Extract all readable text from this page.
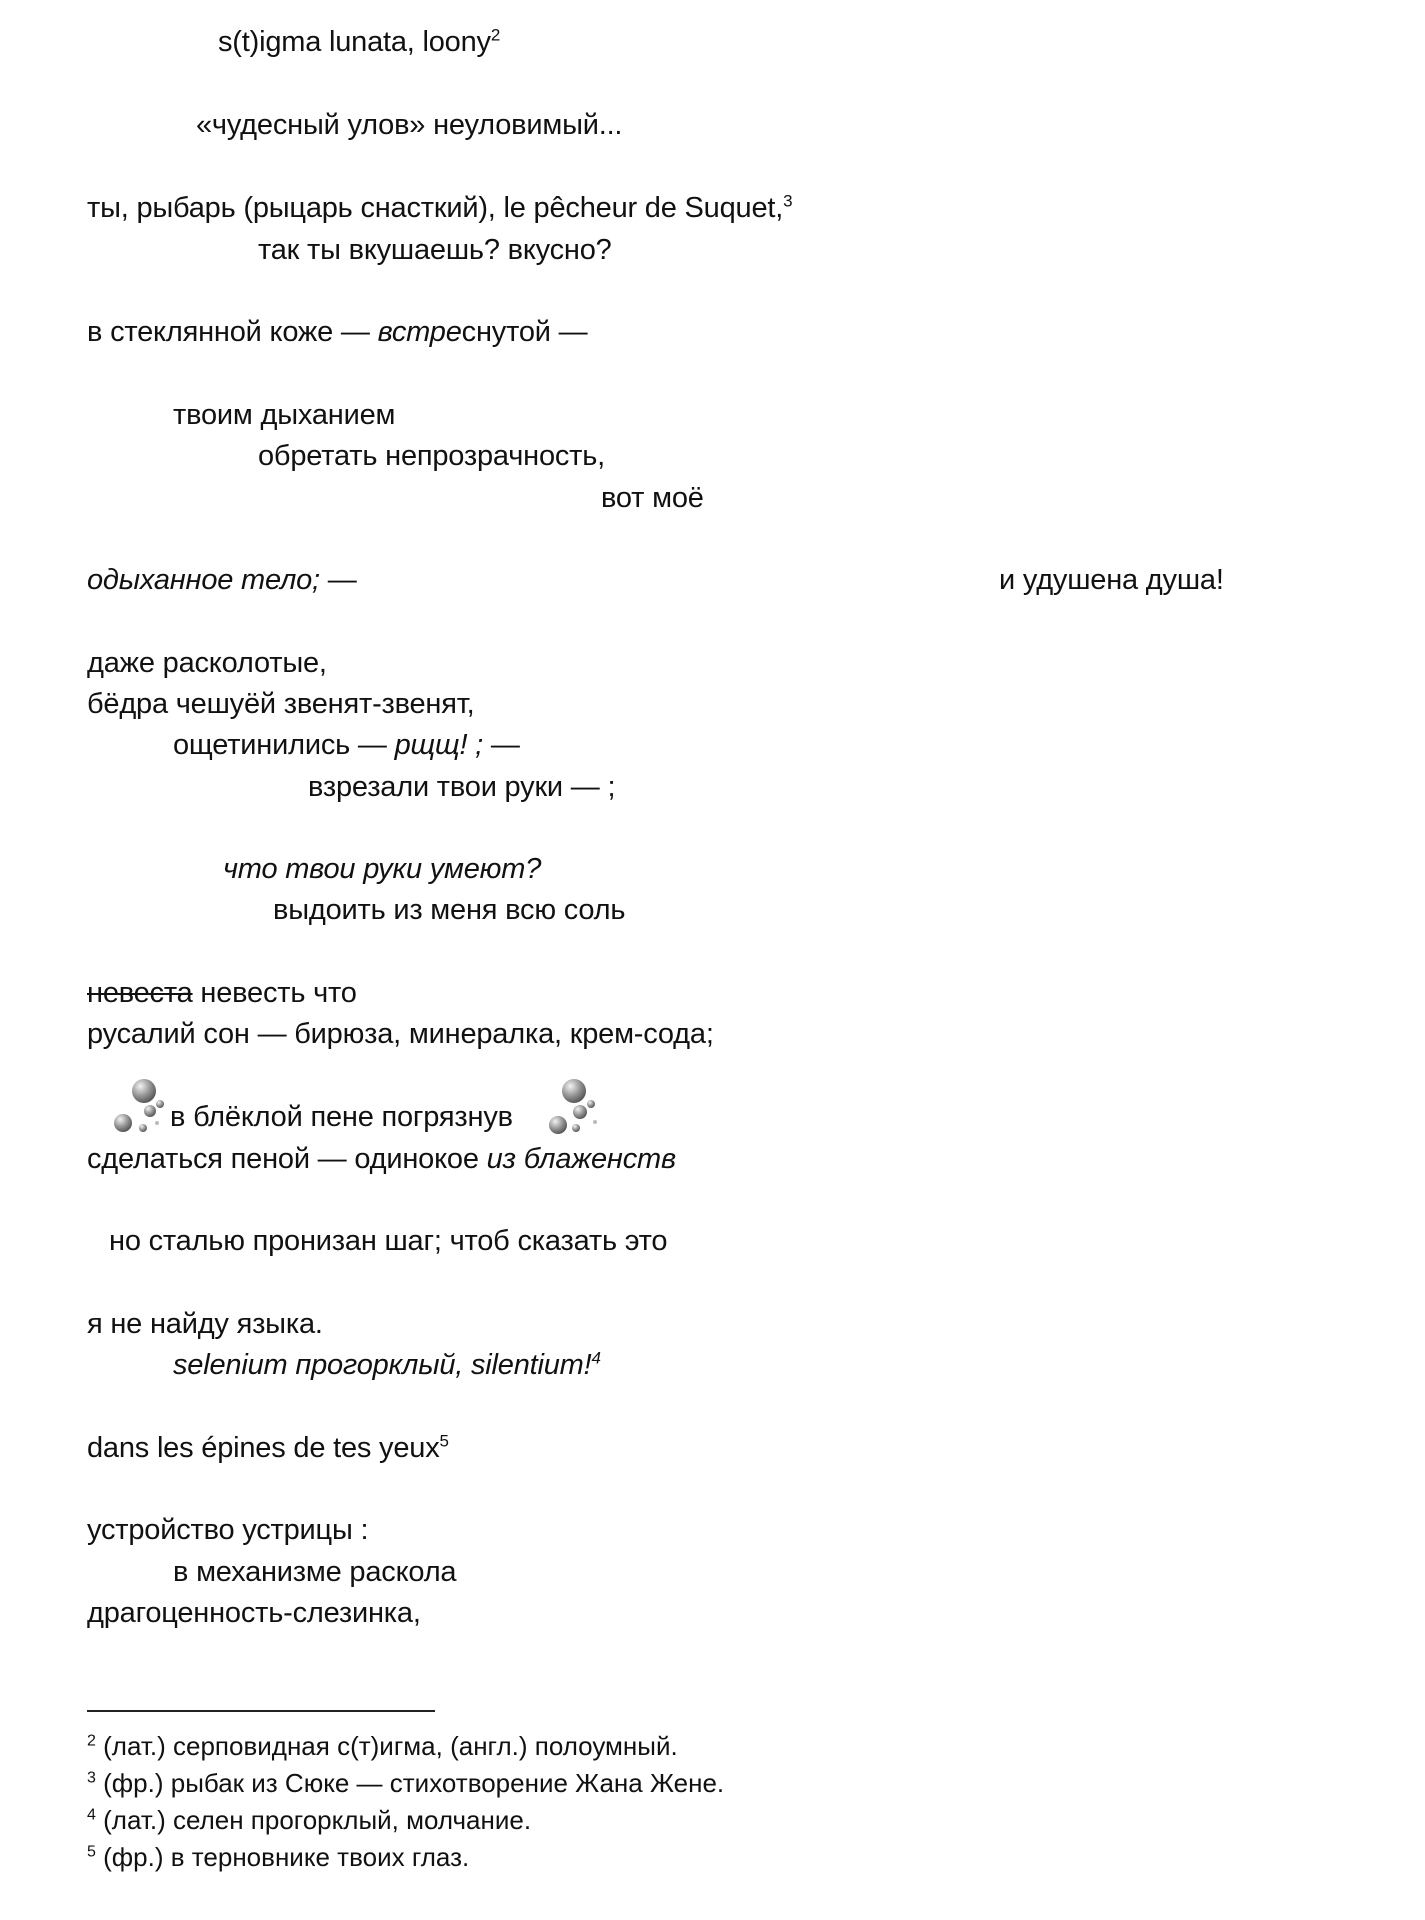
s(t)igma lunata, loony$^2$
«чудесный улов» неуловимый...
ты, рыбарь (рыцарь снасткий), le pêcheur de Suquet,$^3$
так ты вкушаешь? вкусно?
в стеклянной коже — встреснутой —
твоим дыханием
обретать непрозрачность,
вот моё
одыханное тело; —	и удушена душа!
даже расколотые,
бёдра чешуёй звенят-звенят,
ощетинились — рщщ! ; —
взрезали твои руки — ;
что твои руки умеют?
выдоить из меня всю соль
невеста невесть что
русалий сон — бирюза, минералка, крем-сода;
в блёклой пене погрязнув
сделаться пеной — одинокое из блаженств
но сталью пронизан шаг; чтоб сказать это
я не найду языка.
selenium прогорклый, silentium!$^4$
dans les épines de tes yeux$^5$
устройство устрицы :
в механизме раскола
драгоценность-слезинка,
$^2$ (лат.) серповидная с(т)игма, (англ.) полоумный.
$^3$ (фр.) рыбак из Сюке — стихотворение Жана Жене.
$^4$ (лат.) селен прогорклый, молчание.
$^5$ (фр.) в терновнике твоих глаз.
